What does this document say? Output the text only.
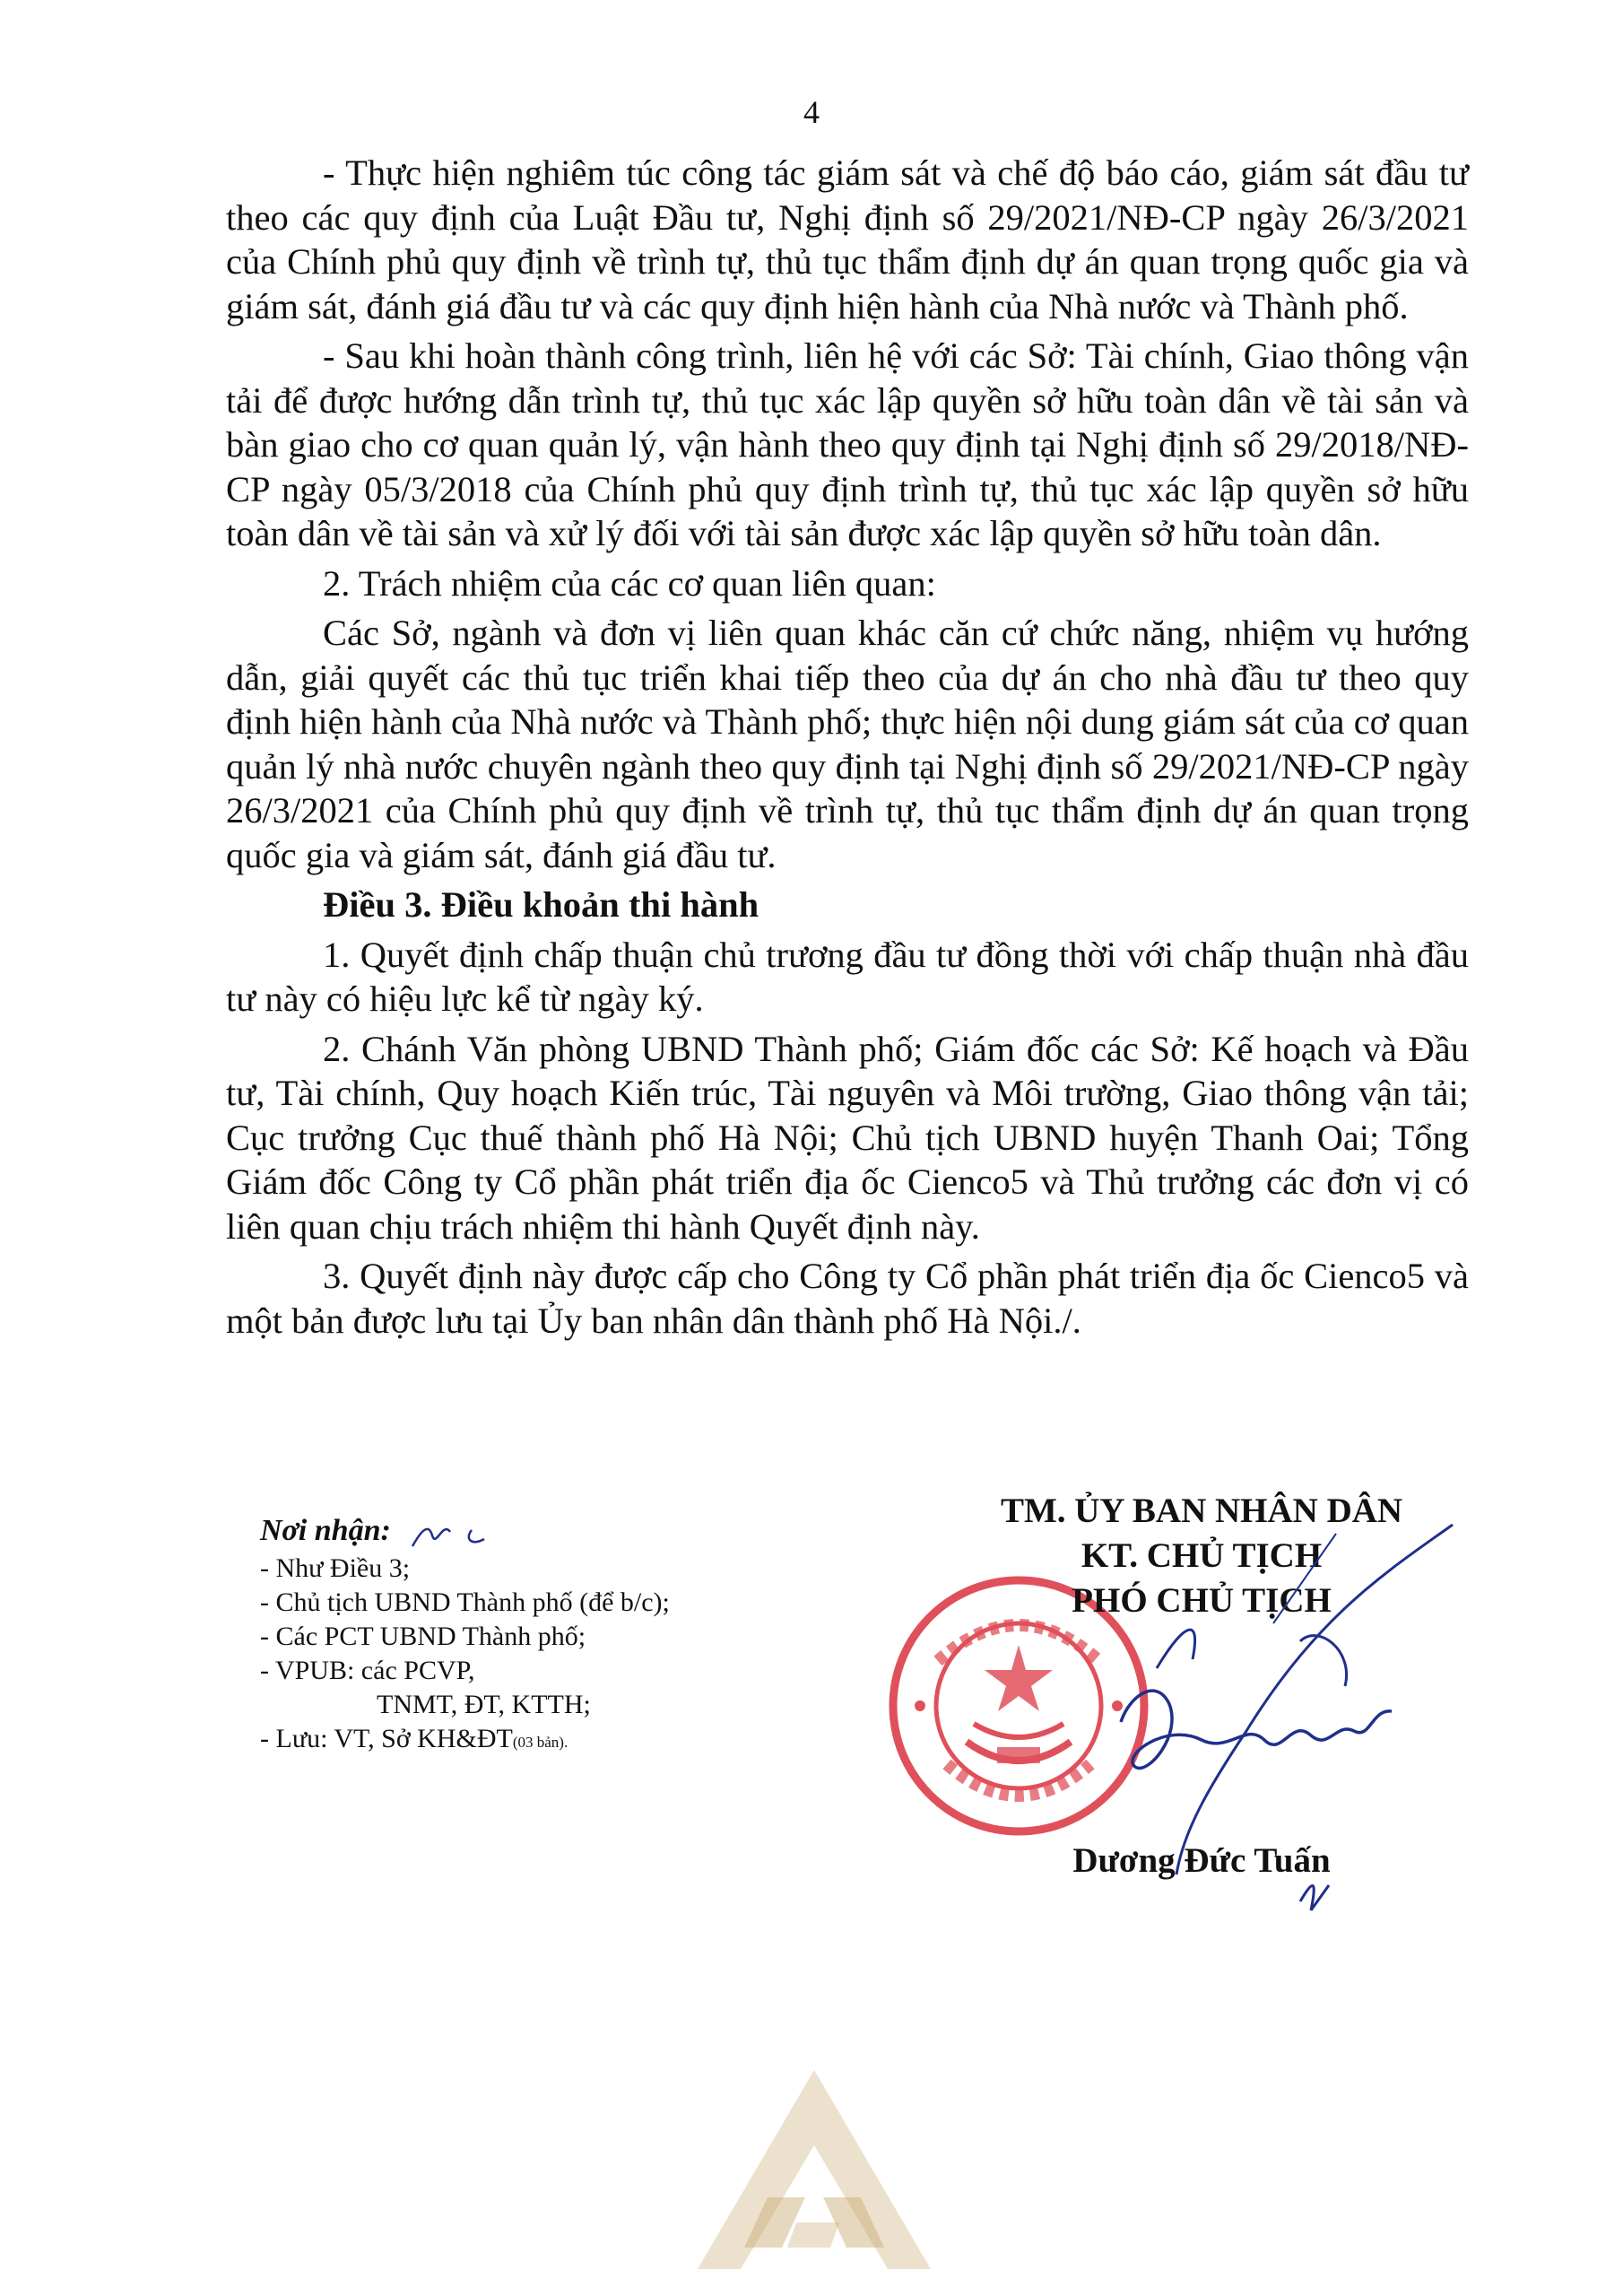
4

- Thực hiện nghiêm túc công tác giám sát và chế độ báo cáo, giám sát đầu tư theo các quy định của Luật Đầu tư, Nghị định số 29/2021/NĐ-CP ngày 26/3/2021 của Chính phủ quy định về trình tự, thủ tục thẩm định dự án quan trọng quốc gia và giám sát, đánh giá đầu tư và các quy định hiện hành của Nhà nước và Thành phố.

- Sau khi hoàn thành công trình, liên hệ với các Sở: Tài chính, Giao thông vận tải để được hướng dẫn trình tự, thủ tục xác lập quyền sở hữu toàn dân về tài sản và bàn giao cho cơ quan quản lý, vận hành theo quy định tại Nghị định số 29/2018/NĐ-CP ngày 05/3/2018 của Chính phủ quy định trình tự, thủ tục xác lập quyền sở hữu toàn dân về tài sản và xử lý đối với tài sản được xác lập quyền sở hữu toàn dân.

2. Trách nhiệm của các cơ quan liên quan:

Các Sở, ngành và đơn vị liên quan khác căn cứ chức năng, nhiệm vụ hướng dẫn, giải quyết các thủ tục triển khai tiếp theo của dự án cho nhà đầu tư theo quy định hiện hành của Nhà nước và Thành phố; thực hiện nội dung giám sát của cơ quan quản lý nhà nước chuyên ngành theo quy định tại Nghị định số 29/2021/NĐ-CP ngày 26/3/2021 của Chính phủ quy định về trình tự, thủ tục thẩm định dự án quan trọng quốc gia và giám sát, đánh giá đầu tư.

Điều 3. Điều khoản thi hành

1. Quyết định chấp thuận chủ trương đầu tư đồng thời với chấp thuận nhà đầu tư này có hiệu lực kể từ ngày ký.

2. Chánh Văn phòng UBND Thành phố; Giám đốc các Sở: Kế hoạch và Đầu tư, Tài chính, Quy hoạch Kiến trúc, Tài nguyên và Môi trường, Giao thông vận tải; Cục trưởng Cục thuế thành phố Hà Nội; Chủ tịch UBND huyện Thanh Oai; Tổng Giám đốc Công ty Cổ phần phát triển địa ốc Cienco5 và Thủ trưởng các đơn vị có liên quan chịu trách nhiệm thi hành Quyết định này.

3. Quyết định này được cấp cho Công ty Cổ phần phát triển địa ốc Cienco5 và một bản được lưu tại Ủy ban nhân dân thành phố Hà Nội./.

Nơi nhận:
- Như Điều 3;
- Chủ tịch UBND Thành phố (để b/c);
- Các PCT UBND Thành phố;
- VPUB: các PCVP,
TNMT, ĐT, KTTH;
- Lưu: VT, Sở KH&ĐT(03 bản).
TM. ỦY BAN NHÂN DÂN
KT. CHỦ TỊCH
PHÓ CHỦ TỊCH
Dương Đức Tuấn
